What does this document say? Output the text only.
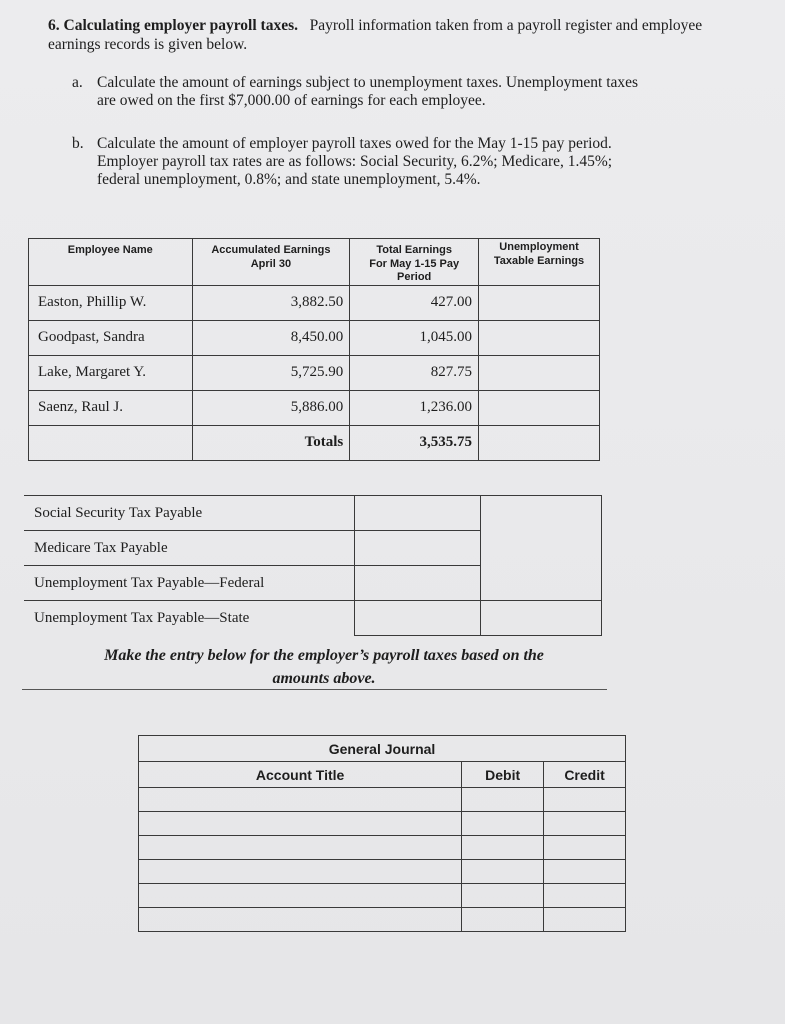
6. Calculating employer payroll taxes. Payroll information taken from a payroll register and employee earnings records is given below.
a. Calculate the amount of earnings subject to unemployment taxes. Unemployment taxes
are owed on the first $7,000.00 of earnings for each employee.
b. Calculate the amount of employer payroll taxes owed for the May 1-15 pay period.
Employer payroll tax rates are as follows: Social Security, 6.2%; Medicare, 1.45%;
federal unemployment, 0.8%; and state unemployment, 5.4%.
Employee Name	Accumulated Earnings April 30	Total Earnings For May 1-15 Pay Period	Unemployment Taxable Earnings
Easton, Phillip W.	3,882.50	427.00	
Goodpast, Sandra	8,450.00	1,045.00	
Lake, Margaret Y.	5,725.90	827.75	
Saenz, Raul J.	5,886.00	1,236.00	
	Totals	3,535.75	
Social Security Tax Payable		
Medicare Tax Payable		
Unemployment Tax Payable—Federal		
Unemployment Tax Payable—State		
Make the entry below for the employer’s payroll taxes based on the
amounts above.
General Journal		
Account Title	Debit	Credit
